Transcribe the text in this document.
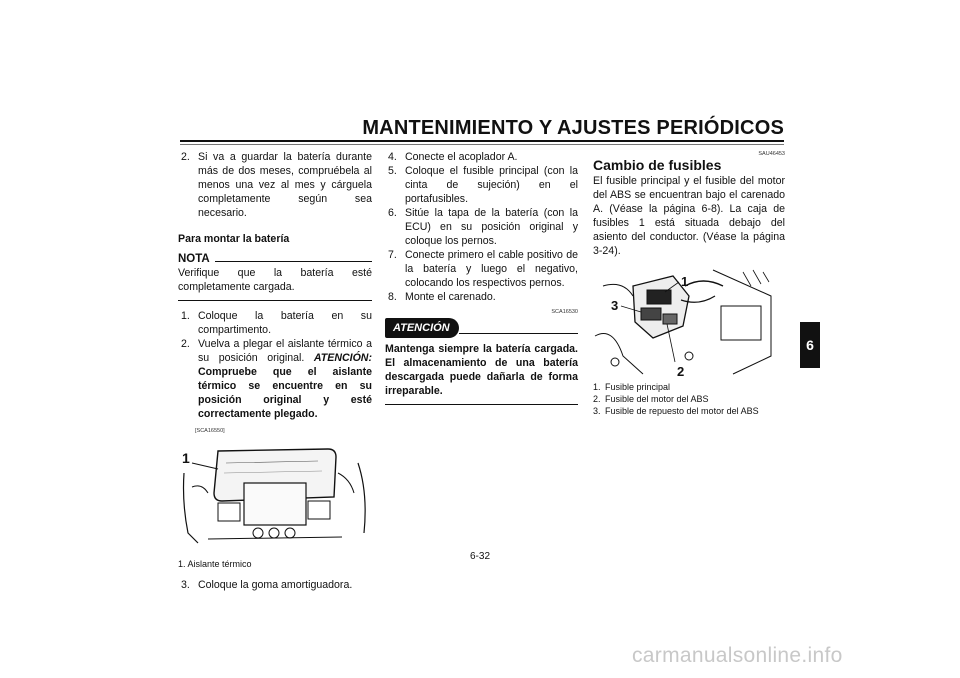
MANTENIMIENTO Y AJUSTES PERIÓDICOS
6
2. Si va a guardar la batería durante más de dos meses, compruébela al menos una vez al mes y cárguela completamente según sea necesario.
Para montar la batería
NOTA

Verifique que la batería esté completamente cargada.

1. Coloque la batería en su compartimento.
2. Vuelva a plegar el aislante térmico a su posición original. ATENCIÓN: Compruebe que el aislante térmico se encuentre en su posición original y esté correctamente plegado.
[SCA16550]
1
1. Aislante térmico
3. Coloque la goma amortiguadora.
4. Conecte el acoplador A.
5. Coloque el fusible principal (con la cinta de sujeción) en el portafusibles.
6. Sitúe la tapa de la batería (con la ECU) en su posición original y coloque los pernos.
7. Conecte primero el cable positivo de la batería y luego el negativo, colocando los respectivos pernos.
8. Monte el carenado.
SCA16530
ATENCIÓN
Mantenga siempre la batería cargada. El almacenamiento de una batería descargada puede dañarla de forma irreparable.
SAU46453
Cambio de fusibles

El fusible principal y el fusible del motor del ABS se encuentran bajo el carenado A. (Véase la página 6-8). La caja de fusibles 1 está situada debajo del asiento del conductor. (Véase la página 3-24).

1
2
3
1. Fusible principal
2. Fusible del motor del ABS
3. Fusible de repuesto del motor del ABS
6-32
carmanualsonline.info
